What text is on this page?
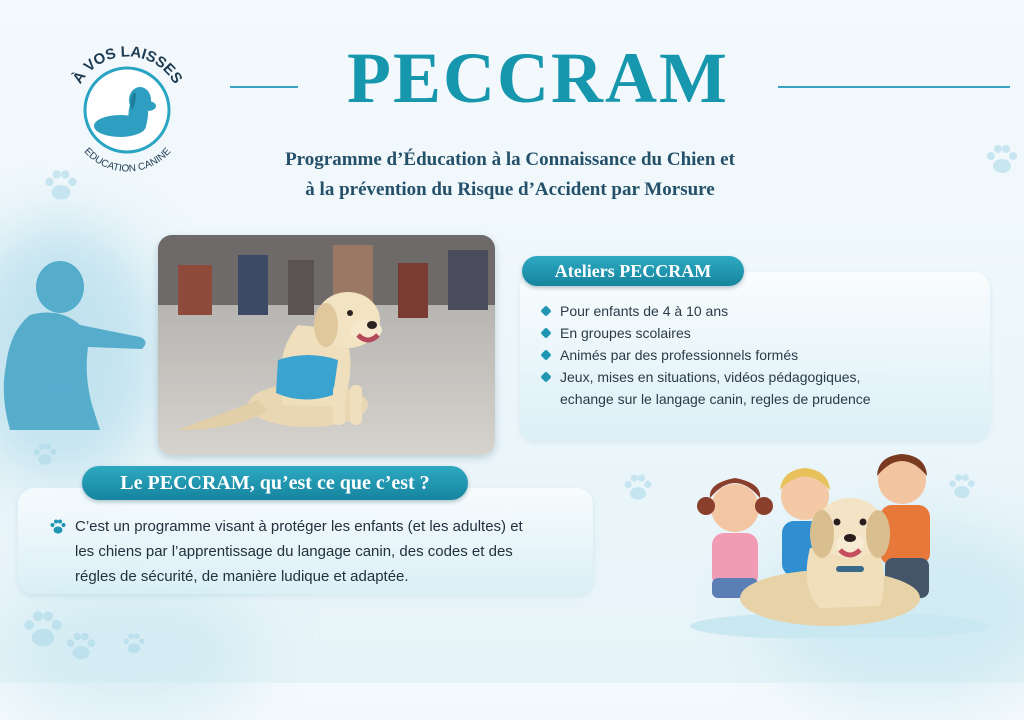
À VOS LAISSES
EDUCATION CANINE
PECCRAM
Programme d’Éducation à la Connaissance du Chien et
à la prévention du Risque d’Accident par Morsure
Ateliers PECCRAM
Pour enfants de 4 à 10 ans
En groupes scolaires
Animés par des professionnels formés
Jeux, mises en situations, vidéos pédagogiques,
echange sur le langage canin, regles de prudence
Le PECCRAM, qu’est ce que c’est ?
C’est un programme visant à protéger les enfants (et les adultes) et
les chiens par l’apprentissage du langage canin, des codes et des
régles de sécurité, de manière ludique et adaptée.
